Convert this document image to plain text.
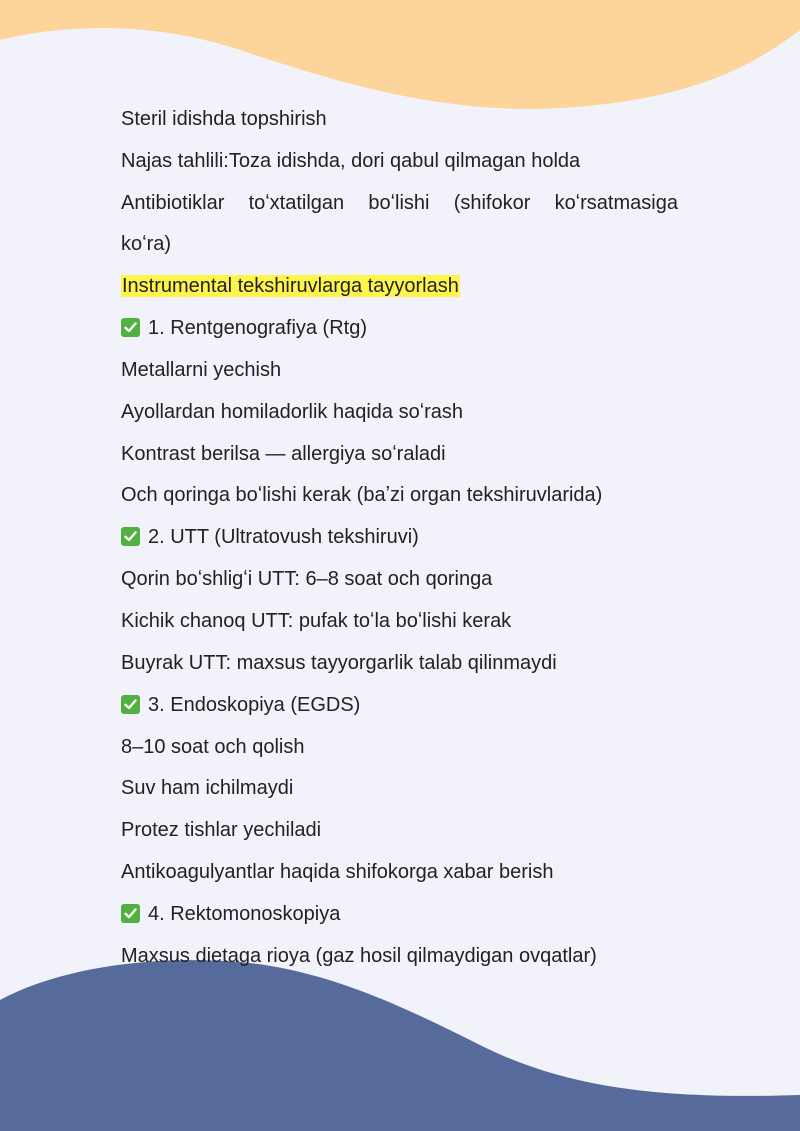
Steril idishda topshirish
Najas tahlili:Toza idishda, dori qabul qilmagan holda
Antibiotiklar toʻxtatilgan boʻlishi (shifokor koʻrsatmasiga
koʻra)
Instrumental tekshiruvlarga tayyorlash
1. Rentgenografiya (Rtg)
Metallarni yechish
Ayollardan homiladorlik haqida soʻrash
Kontrast berilsa — allergiya soʻraladi
Och qoringa boʻlishi kerak (baʼzi organ tekshiruvlarida)
2. UTT (Ultratovush tekshiruvi)
Qorin boʻshligʻi UTT: 6–8 soat och qoringa
Kichik chanoq UTT: pufak toʻla boʻlishi kerak
Buyrak UTT: maxsus tayyorgarlik talab qilinmaydi
3. Endoskopiya (EGDS)
8–10 soat och qolish
Suv ham ichilmaydi
Protez tishlar yechiladi
Antikoagulyantlar haqida shifokorga xabar berish
4. Rektomonoskopiya
Maxsus dietaga rioya (gaz hosil qilmaydigan ovqatlar)
